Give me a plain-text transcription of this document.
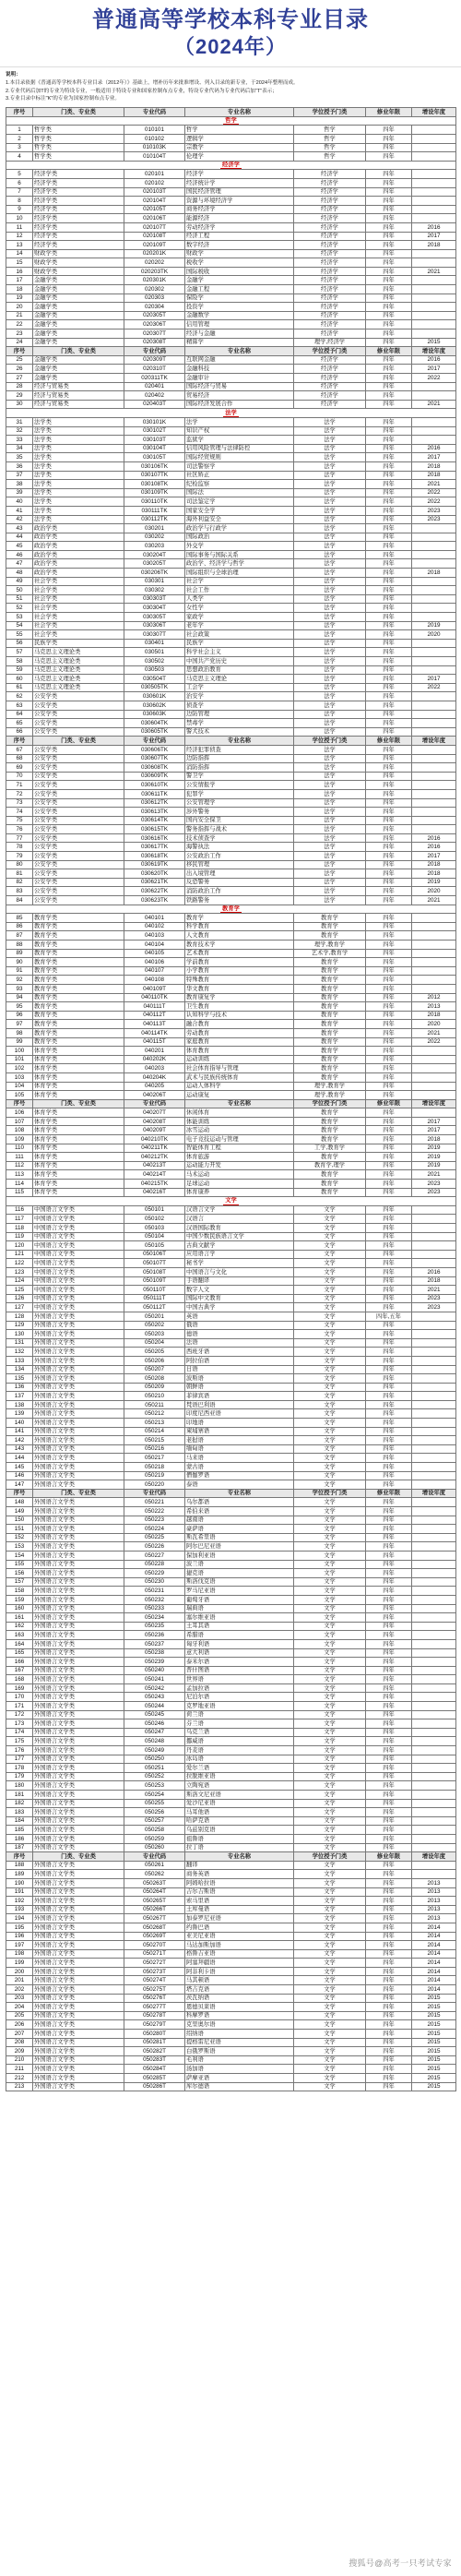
普通高等学校本科专业目录
（2024年）
说明：
1.本目录依据《普通高等学校本科专业目录（2012年）》基础上，增补历年来批准增设、列入目录的新专业，于2024年整理而成。
2.专业代码后加T的专业为特设专业，一般适用于特设专业和国家控制布点专业，特设专业代码为专业代码后加“T”表示；
3.专业目录中标注“K”的专业为国家控制布点专业。
序号	门类、专业类	专业代码	专业名称	学位授予门类	修业年限	增设年度
哲学						
1	哲学类	010101	哲学	哲学	四年	
2	哲学类	010102	逻辑学	哲学	四年	
3	哲学类	010103K	宗教学	哲学	四年	
4	哲学类	010104T	伦理学	哲学	四年	
经济学						
5	经济学类	020101	经济学	经济学	四年	
6	经济学类	020102	经济统计学	经济学	四年	
7	经济学类	020103T	国民经济管理	经济学	四年	
8	经济学类	020104T	资源与环境经济学	经济学	四年	
9	经济学类	020105T	商务经济学	经济学	四年	
10	经济学类	020106T	能源经济	经济学	四年	
11	经济学类	020107T	劳动经济学	经济学	四年	2016
12	经济学类	020108T	经济工程	经济学	四年	2017
13	经济学类	020109T	数字经济	经济学	四年	2018
14	财政学类	020201K	财政学	经济学	四年	
15	财政学类	020202	税收学	经济学	四年	
16	财政学类	020203TK	国际税收	经济学	四年	2021
17	金融学类	020301K	金融学	经济学	四年	
18	金融学类	020302	金融工程	经济学	四年	
19	金融学类	020303	保险学	经济学	四年	
20	金融学类	020304	投资学	经济学	四年	
21	金融学类	020305T	金融数学	经济学	四年	
22	金融学类	020306T	信用管理	经济学	四年	
23	金融学类	020307T	经济与金融	经济学	四年	
24	金融学类	020308T	精算学	理学,经济学	四年	2015
序号	门类、专业类	专业代码	专业名称	学位授予门类	修业年限	增设年度
25	金融学类	020309T	互联网金融	经济学	四年	2016
26	金融学类	020310T	金融科技	经济学	四年	2017
27	金融学类	020311TK	金融审计	经济学	四年	2022
28	经济与贸易类	020401	国际经济与贸易	经济学	四年	
29	经济与贸易类	020402	贸易经济	经济学	四年	
30	经济与贸易类	020403T	国际经济发展合作	经济学	四年	2021
法学						
31	法学类	030101K	法学	法学	四年	
32	法学类	030102T	知识产权	法学	四年	
33	法学类	030103T	监狱学	法学	四年	
34	法学类	030104T	信用风险管理与法律防控	法学	四年	2016
35	法学类	030105T	国际经贸规则	法学	四年	2017
36	法学类	030106TK	司法警察学	法学	四年	2018
37	法学类	030107TK	社区矫正	法学	四年	2018
38	法学类	030108TK	纪检监察	法学	四年	2021
39	法学类	030109TK	国际法	法学	四年	2022
40	法学类	030110TK	司法鉴定学	法学	四年	2022
41	法学类	030111TK	国家安全学	法学	四年	2023
42	法学类	030112TK	海外利益安全	法学	四年	2023
43	政治学类	030201	政治学与行政学	法学	四年	
44	政治学类	030202	国际政治	法学	四年	
45	政治学类	030203	外交学	法学	四年	
46	政治学类	030204T	国际事务与国际关系	法学	四年	
47	政治学类	030205T	政治学、经济学与哲学	法学	四年	
48	政治学类	030206TK	国际组织与全球治理	法学	四年	2018
49	社会学类	030301	社会学	法学	四年	
50	社会学类	030302	社会工作	法学	四年	
51	社会学类	030303T	人类学	法学	四年	
52	社会学类	030304T	女性学	法学	四年	
53	社会学类	030305T	家政学	法学	四年	
54	社会学类	030306T	老年学	法学	四年	2019
55	社会学类	030307T	社会政策	法学	四年	2020
56	民族学类	030401	民族学	法学	四年	
57	马克思主义理论类	030501	科学社会主义	法学	四年	
58	马克思主义理论类	030502	中国共产党历史	法学	四年	
59	马克思主义理论类	030503	思想政治教育	法学	四年	
60	马克思主义理论类	030504T	马克思主义理论	法学	四年	2017
61	马克思主义理论类	030505TK	工会学	法学	四年	2022
62	公安学类	030601K	治安学	法学	四年	
63	公安学类	030602K	侦查学	法学	四年	
64	公安学类	030603K	边防管理	法学	四年	
65	公安学类	030604TK	禁毒学	法学	四年	
66	公安学类	030605TK	警犬技术	法学	四年	
序号	门类、专业类	专业代码	专业名称	学位授予门类	修业年限	增设年度
67	公安学类	030606TK	经济犯罪侦查	法学	四年	
68	公安学类	030607TK	边防指挥	法学	四年	
69	公安学类	030608TK	消防指挥	法学	四年	
70	公安学类	030609TK	警卫学	法学	四年	
71	公安学类	030610TK	公安情报学	法学	四年	
72	公安学类	030611TK	犯罪学	法学	四年	
73	公安学类	030612TK	公安管理学	法学	四年	
74	公安学类	030613TK	涉外警务	法学	四年	
75	公安学类	030614TK	国内安全保卫	法学	四年	
76	公安学类	030615TK	警务指挥与战术	法学	四年	
77	公安学类	030616TK	技术侦查学	法学	四年	2016
78	公安学类	030617TK	海警执法	法学	四年	2016
79	公安学类	030618TK	公安政治工作	法学	四年	2017
80	公安学类	030619TK	移民管理	法学	四年	2018
81	公安学类	030620TK	出入境管理	法学	四年	2018
82	公安学类	030621TK	反恐警务	法学	四年	2019
83	公安学类	030622TK	消防政治工作	法学	四年	2020
84	公安学类	030623TK	铁路警务	法学	四年	2021
教育学						
85	教育学类	040101	教育学	教育学	四年	
86	教育学类	040102	科学教育	教育学	四年	
87	教育学类	040103	人文教育	教育学	四年	
88	教育学类	040104	教育技术学	理学,教育学	四年	
89	教育学类	040105	艺术教育	艺术学,教育学	四年	
90	教育学类	040106	学前教育	教育学	四年	
91	教育学类	040107	小学教育	教育学	四年	
92	教育学类	040108	特殊教育	教育学	四年	
93	教育学类	040109T	华文教育	教育学	四年	
94	教育学类	040110TK	教育康复学	教育学	四年	2012
95	教育学类	040111T	卫生教育	教育学	四年	2013
96	教育学类	040112T	认知科学与技术	教育学	四年	2018
97	教育学类	040113T	融合教育	教育学	四年	2020
98	教育学类	040114TK	劳动教育	教育学	四年	2021
99	教育学类	040115T	家庭教育	教育学	四年	2022
100	体育学类	040201	体育教育	教育学	四年	
101	体育学类	040202K	运动训练	教育学	四年	
102	体育学类	040203	社会体育指导与管理	教育学	四年	
103	体育学类	040204K	武术与民族传统体育	教育学	四年	
104	体育学类	040205	运动人体科学	理学,教育学	四年	
105	体育学类	040206T	运动康复	理学,教育学	四年	
序号	门类、专业类	专业代码	专业名称	学位授予门类	修业年限	增设年度
106	体育学类	040207T	休闲体育	教育学	四年	
107	体育学类	040208T	体能训练	教育学	四年	2017
108	体育学类	040209T	冰雪运动	教育学	四年	2017
109	体育学类	040210TK	电子竞技运动与管理	教育学	四年	2018
110	体育学类	040211TK	智能体育工程	工学,教育学	四年	2019
111	体育学类	040212TK	体育旅游	教育学	四年	2019
112	体育学类	040213T	运动能力开发	教育学,理学	四年	2019
113	体育学类	040214T	马术运动	教育学	四年	2021
114	体育学类	040215TK	足球运动	教育学	四年	2023
115	体育学类	040216T	体育康养	教育学	四年	2023
文学						
116	中国语言文学类	050101	汉语言文学	文学	四年	
117	中国语言文学类	050102	汉语言	文学	四年	
118	中国语言文学类	050103	汉语国际教育	文学	四年	
119	中国语言文学类	050104	中国少数民族语言文学	文学	四年	
120	中国语言文学类	050105	古典文献学	文学	四年	
121	中国语言文学类	050106T	应用语言学	文学	四年	
122	中国语言文学类	050107T	秘书学	文学	四年	
123	中国语言文学类	050108T	中国语言与文化	文学	四年	2016
124	中国语言文学类	050109T	手语翻译	文学	四年	2018
125	中国语言文学类	050110T	数字人文	文学	四年	2021
126	中国语言文学类	050111T	国际中文教育	文学	四年	2023
127	中国语言文学类	050112T	中国古典学	文学	四年	2023
128	外国语言文学类	050201	英语	文学	四年,五年	
129	外国语言文学类	050202	俄语	文学	四年	
130	外国语言文学类	050203	德语	文学	四年	
131	外国语言文学类	050204	法语	文学	四年	
132	外国语言文学类	050205	西班牙语	文学	四年	
133	外国语言文学类	050206	阿拉伯语	文学	四年	
134	外国语言文学类	050207	日语	文学	四年	
135	外国语言文学类	050208	波斯语	文学	四年	
136	外国语言文学类	050209	朝鲜语	文学	四年	
137	外国语言文学类	050210	菲律宾语	文学	四年	
138	外国语言文学类	050211	梵语巴利语	文学	四年	
139	外国语言文学类	050212	印度尼西亚语	文学	四年	
140	外国语言文学类	050213	印地语	文学	四年	
141	外国语言文学类	050214	柬埔寨语	文学	四年	
142	外国语言文学类	050215	老挝语	文学	四年	
143	外国语言文学类	050216	缅甸语	文学	四年	
144	外国语言文学类	050217	马来语	文学	四年	
145	外国语言文学类	050218	蒙古语	文学	四年	
146	外国语言文学类	050219	僧伽罗语	文学	四年	
147	外国语言文学类	050220	泰语	文学	四年	
序号	门类、专业类	专业代码	专业名称	学位授予门类	修业年限	增设年度
148	外国语言文学类	050221	乌尔都语	文学	四年	
149	外国语言文学类	050222	希伯来语	文学	四年	
150	外国语言文学类	050223	越南语	文学	四年	
151	外国语言文学类	050224	豪萨语	文学	四年	
152	外国语言文学类	050225	斯瓦希里语	文学	四年	
153	外国语言文学类	050226	阿尔巴尼亚语	文学	四年	
154	外国语言文学类	050227	保加利亚语	文学	四年	
155	外国语言文学类	050228	波兰语	文学	四年	
156	外国语言文学类	050229	捷克语	文学	四年	
157	外国语言文学类	050230	斯洛伐克语	文学	四年	
158	外国语言文学类	050231	罗马尼亚语	文学	四年	
159	外国语言文学类	050232	葡萄牙语	文学	四年	
160	外国语言文学类	050233	瑞典语	文学	四年	
161	外国语言文学类	050234	塞尔维亚语	文学	四年	
162	外国语言文学类	050235	土耳其语	文学	四年	
163	外国语言文学类	050236	希腊语	文学	四年	
164	外国语言文学类	050237	匈牙利语	文学	四年	
165	外国语言文学类	050238	意大利语	文学	四年	
166	外国语言文学类	050239	泰米尔语	文学	四年	
167	外国语言文学类	050240	普什图语	文学	四年	
168	外国语言文学类	050241	世界语	文学	四年	
169	外国语言文学类	050242	孟加拉语	文学	四年	
170	外国语言文学类	050243	尼泊尔语	文学	四年	
171	外国语言文学类	050244	克罗地亚语	文学	四年	
172	外国语言文学类	050245	荷兰语	文学	四年	
173	外国语言文学类	050246	芬兰语	文学	四年	
174	外国语言文学类	050247	乌克兰语	文学	四年	
175	外国语言文学类	050248	挪威语	文学	四年	
176	外国语言文学类	050249	丹麦语	文学	四年	
177	外国语言文学类	050250	冰岛语	文学	四年	
178	外国语言文学类	050251	爱尔兰语	文学	四年	
179	外国语言文学类	050252	拉脱维亚语	文学	四年	
180	外国语言文学类	050253	立陶宛语	文学	四年	
181	外国语言文学类	050254	斯洛文尼亚语	文学	四年	
182	外国语言文学类	050255	爱沙尼亚语	文学	四年	
183	外国语言文学类	050256	马耳他语	文学	四年	
184	外国语言文学类	050257	哈萨克语	文学	四年	
185	外国语言文学类	050258	乌兹别克语	文学	四年	
186	外国语言文学类	050259	祖鲁语	文学	四年	
187	外国语言文学类	050260	拉丁语	文学	四年	
序号	门类、专业类	专业代码	专业名称	学位授予门类	修业年限	增设年度
188	外国语言文学类	050261	翻译	文学	四年	
189	外国语言文学类	050262	商务英语	文学	四年	
190	外国语言文学类	050263T	阿姆哈拉语	文学	四年	2013
191	外国语言文学类	050264T	吉尔吉斯语	文学	四年	2013
192	外国语言文学类	050265T	索马里语	文学	四年	2013
193	外国语言文学类	050266T	土库曼语	文学	四年	2013
194	外国语言文学类	050267T	加泰罗尼亚语	文学	四年	2013
195	外国语言文学类	050268T	约鲁巴语	文学	四年	2014
196	外国语言文学类	050269T	亚美尼亚语	文学	四年	2014
197	外国语言文学类	050270T	马达加斯加语	文学	四年	2014
198	外国语言文学类	050271T	格鲁吉亚语	文学	四年	2014
199	外国语言文学类	050272T	阿塞拜疆语	文学	四年	2014
200	外国语言文学类	050273T	阿非利卡语	文学	四年	2014
201	外国语言文学类	050274T	马其顿语	文学	四年	2014
202	外国语言文学类	050275T	塔吉克语	文学	四年	2014
203	外国语言文学类	050276T	茨瓦纳语	文学	四年	2015
204	外国语言文学类	050277T	恩德贝莱语	文学	四年	2015
205	外国语言文学类	050278T	科摩罗语	文学	四年	2015
206	外国语言文学类	050279T	克里奥尔语	文学	四年	2015
207	外国语言文学类	050280T	绍纳语	文学	四年	2015
208	外国语言文学类	050281T	提格雷尼亚语	文学	四年	2015
209	外国语言文学类	050282T	白俄罗斯语	文学	四年	2015
210	外国语言文学类	050283T	毛利语	文学	四年	2015
211	外国语言文学类	050284T	汤加语	文学	四年	2015
212	外国语言文学类	050285T	萨摩亚语	文学	四年	2015
213	外国语言文学类	050286T	库尔德语	文学	四年	2015
搜狐号@高考一只考试专家
